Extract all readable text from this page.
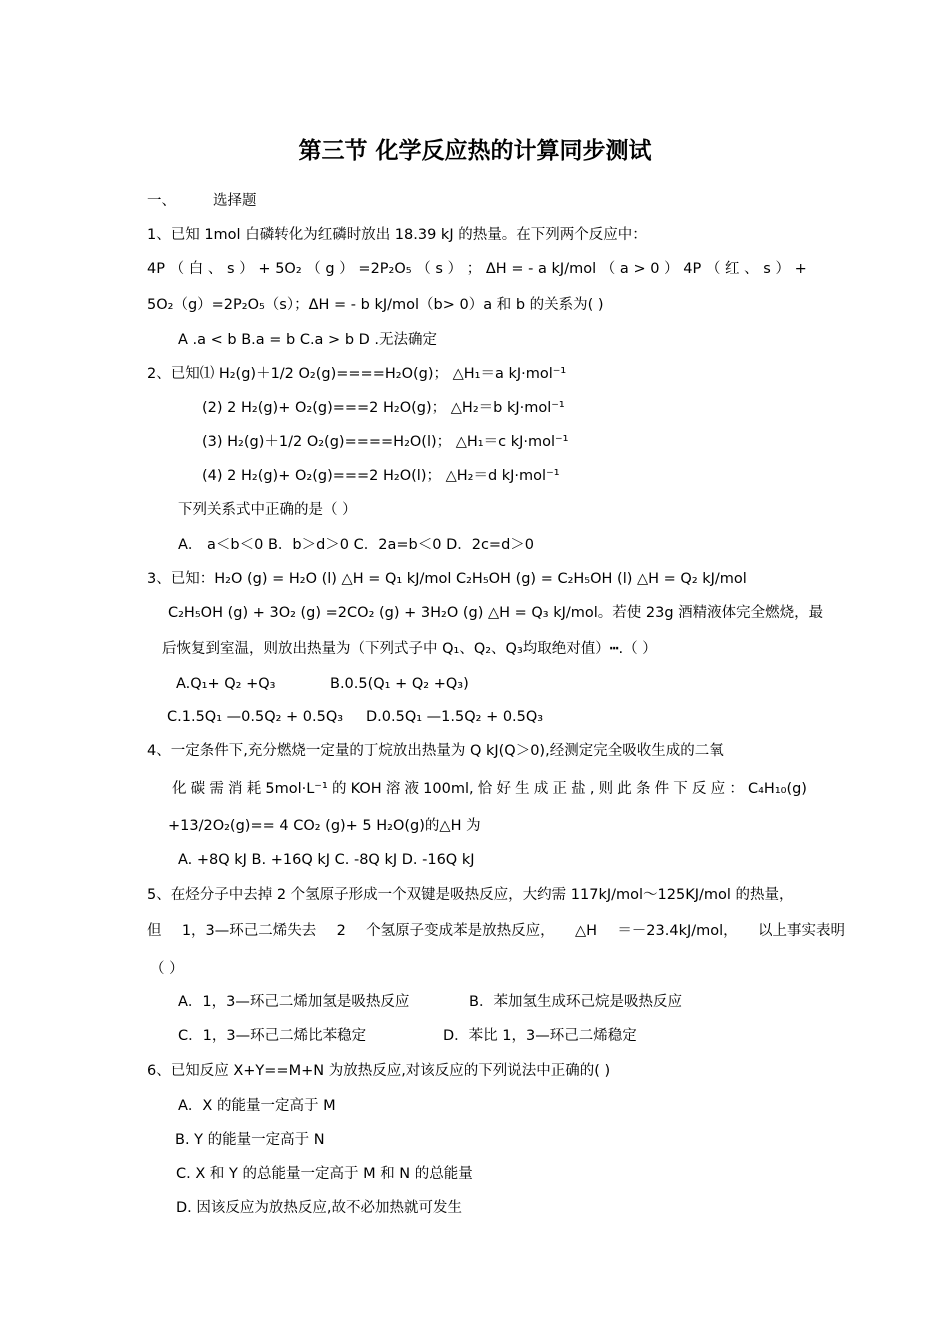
第三节 化学反应热的计算同步测试
一、	选择题
1、已知 1mol 白磷转化为红磷时放出 18.39 kJ 的热量。在下列两个反应中：
4P （ 白 、 s ） + 5O₂ （ g ） =2P₂O₅ （ s ） ； ΔH = - a kJ/mol （ a > 0 ） 4P （ 红 、 s ） +
5O₂（g）=2P₂O₅（s）；ΔH = - b kJ/mol（b> 0）a 和 b 的关系为( )
A .a < b B.a = b C.a > b D .无法确定
2、已知⑴ H₂(g)＋1/2 O₂(g)====H₂O(g)； △H₁＝a kJ·mol⁻¹
(2) 2 H₂(g)+ O₂(g)===2 H₂O(g)； △H₂＝b kJ·mol⁻¹
(3) H₂(g)＋1/2 O₂(g)====H₂O(l)； △H₁＝c kJ·mol⁻¹
(4) 2 H₂(g)+ O₂(g)===2 H₂O(l)； △H₂＝d kJ·mol⁻¹
下列关系式中正确的是（ ）
A． a＜b＜0 B．b＞d＞0 C．2a=b＜0 D．2c=d＞0
3、已知：H₂O (g) = H₂O (l) △H = Q₁ kJ/mol C₂H₅OH (g) = C₂H₅OH (l) △H = Q₂ kJ/mol
C₂H₅OH (g) + 3O₂ (g) =2CO₂ (g) + 3H₂O (g) △H = Q₃ kJ/mol。若使 23g 酒精液体完全燃烧，最
后恢复到室温，则放出热量为（下列式子中 Q₁、Q₂、Q₃均取绝对值）┅.（ ）
A.Q₁+ Q₂ +Q₃	B.0.5(Q₁ + Q₂ +Q₃)
C.1.5Q₁ —0.5Q₂ + 0.5Q₃ D.0.5Q₁ —1.5Q₂ + 0.5Q₃
4、一定条件下,充分燃烧一定量的丁烷放出热量为 Q kJ(Q＞0),经测定完全吸收生成的二氧
化 碳 需 消 耗 5mol·L⁻¹ 的 KOH 溶 液 100ml, 恰 好 生 成 正 盐 , 则 此 条 件 下 反 应 ： C₄H₁₀(g)
+13/2O₂(g)== 4 CO₂ (g)+ 5 H₂O(g)的△H 为
A. +8Q kJ B. +16Q kJ C. -8Q kJ D. -16Q kJ
5、在烃分子中去掉 2 个氢原子形成一个双键是吸热反应，大约需 117kJ/mol～125KJ/mol 的热量，
但 1，3—环己二烯失去 2 个氢原子变成苯是放热反应， △H ＝－23.4kJ/mol， 以上事实表明
（ ）
A．1，3—环己二烯加氢是吸热反应	B．苯加氢生成环己烷是吸热反应
C．1，3—环己二烯比苯稳定	D．苯比 1，3—环己二烯稳定
6、已知反应 X+Y==M+N 为放热反应,对该反应的下列说法中正确的( )
A．X 的能量一定高于 M
B. Y 的能量一定高于 N
C. X 和 Y 的总能量一定高于 M 和 N 的总能量
D. 因该反应为放热反应,故不必加热就可发生
